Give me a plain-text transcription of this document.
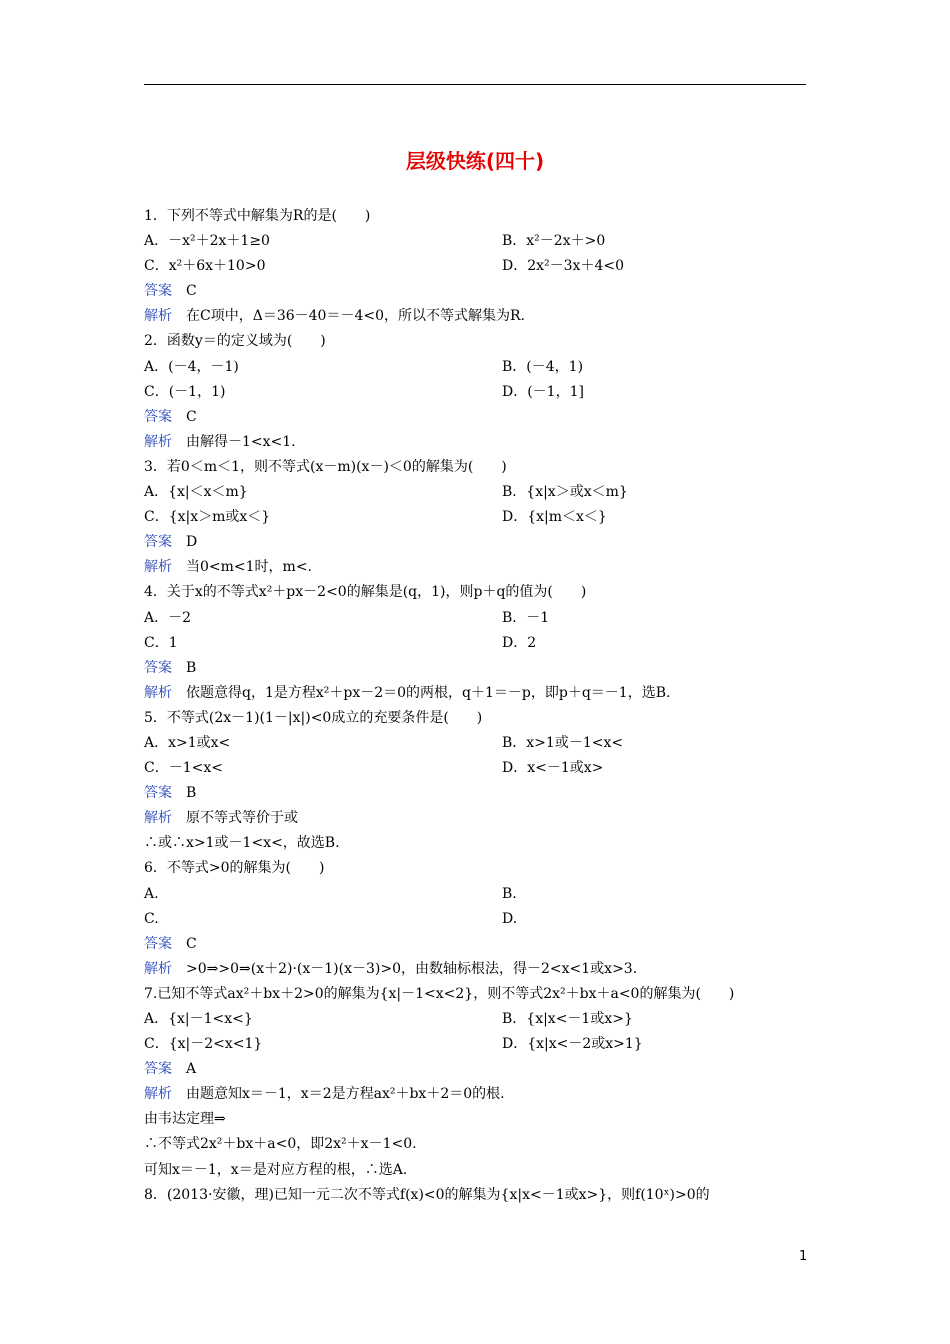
层级快练(四十)
1．下列不等式中解集为R的是(　　)
A．－x²＋2x＋1≥0	B．x²－2x＋>0
C．x²＋6x＋10>0	D．2x²－3x＋4<0
答案 C
解析 在C项中，Δ＝36－40＝－4<0，所以不等式解集为R.
2．函数y＝的定义域为(　　)
A．(－4，－1)	B．(－4，1)
C．(－1，1)	D．(－1，1]
答案 C
解析 由解得－1<x<1.
3．若0＜m＜1，则不等式(x－m)(x－)＜0的解集为(　　)
A．{x|＜x＜m}	B．{x|x＞或x＜m}
C．{x|x＞m或x＜}	D．{x|m＜x＜}
答案 D
解析 当0<m<1时，m<.
4．关于x的不等式x²＋px－2<0的解集是(q，1)，则p＋q的值为(　　)
A．－2	B．－1
C．1	D．2
答案 B
解析 依题意得q，1是方程x²＋px－2＝0的两根，q＋1＝－p，即p＋q＝－1，选B.
5．不等式(2x－1)(1－|x|)<0成立的充要条件是(　　)
A．x>1或x<	B．x>1或－1<x<
C．－1<x<	D．x<－1或x>
答案 B
解析 原不等式等价于或
∴或∴x>1或－1<x<，故选B.
6．不等式>0的解集为(　　)
A.	B.
C.	D.
答案 C
解析 >0⇒>0⇒(x＋2)·(x－1)(x－3)>0，由数轴标根法，得－2<x<1或x>3.
7.已知不等式ax²＋bx＋2>0的解集为{x|－1<x<2}，则不等式2x²＋bx＋a<0的解集为(　　)
A．{x|－1<x<}	B．{x|x<－1或x>}
C．{x|－2<x<1}	D．{x|x<－2或x>1}
答案 A
解析 由题意知x＝－1，x＝2是方程ax²＋bx＋2＝0的根.
由韦达定理⇒
∴不等式2x²＋bx＋a<0，即2x²＋x－1<0.
可知x＝－1，x＝是对应方程的根，∴选A.
8．(2013·安徽，理)已知一元二次不等式f(x)<0的解集为{x|x<－1或x>}，则f(10ˣ)>0的
1
